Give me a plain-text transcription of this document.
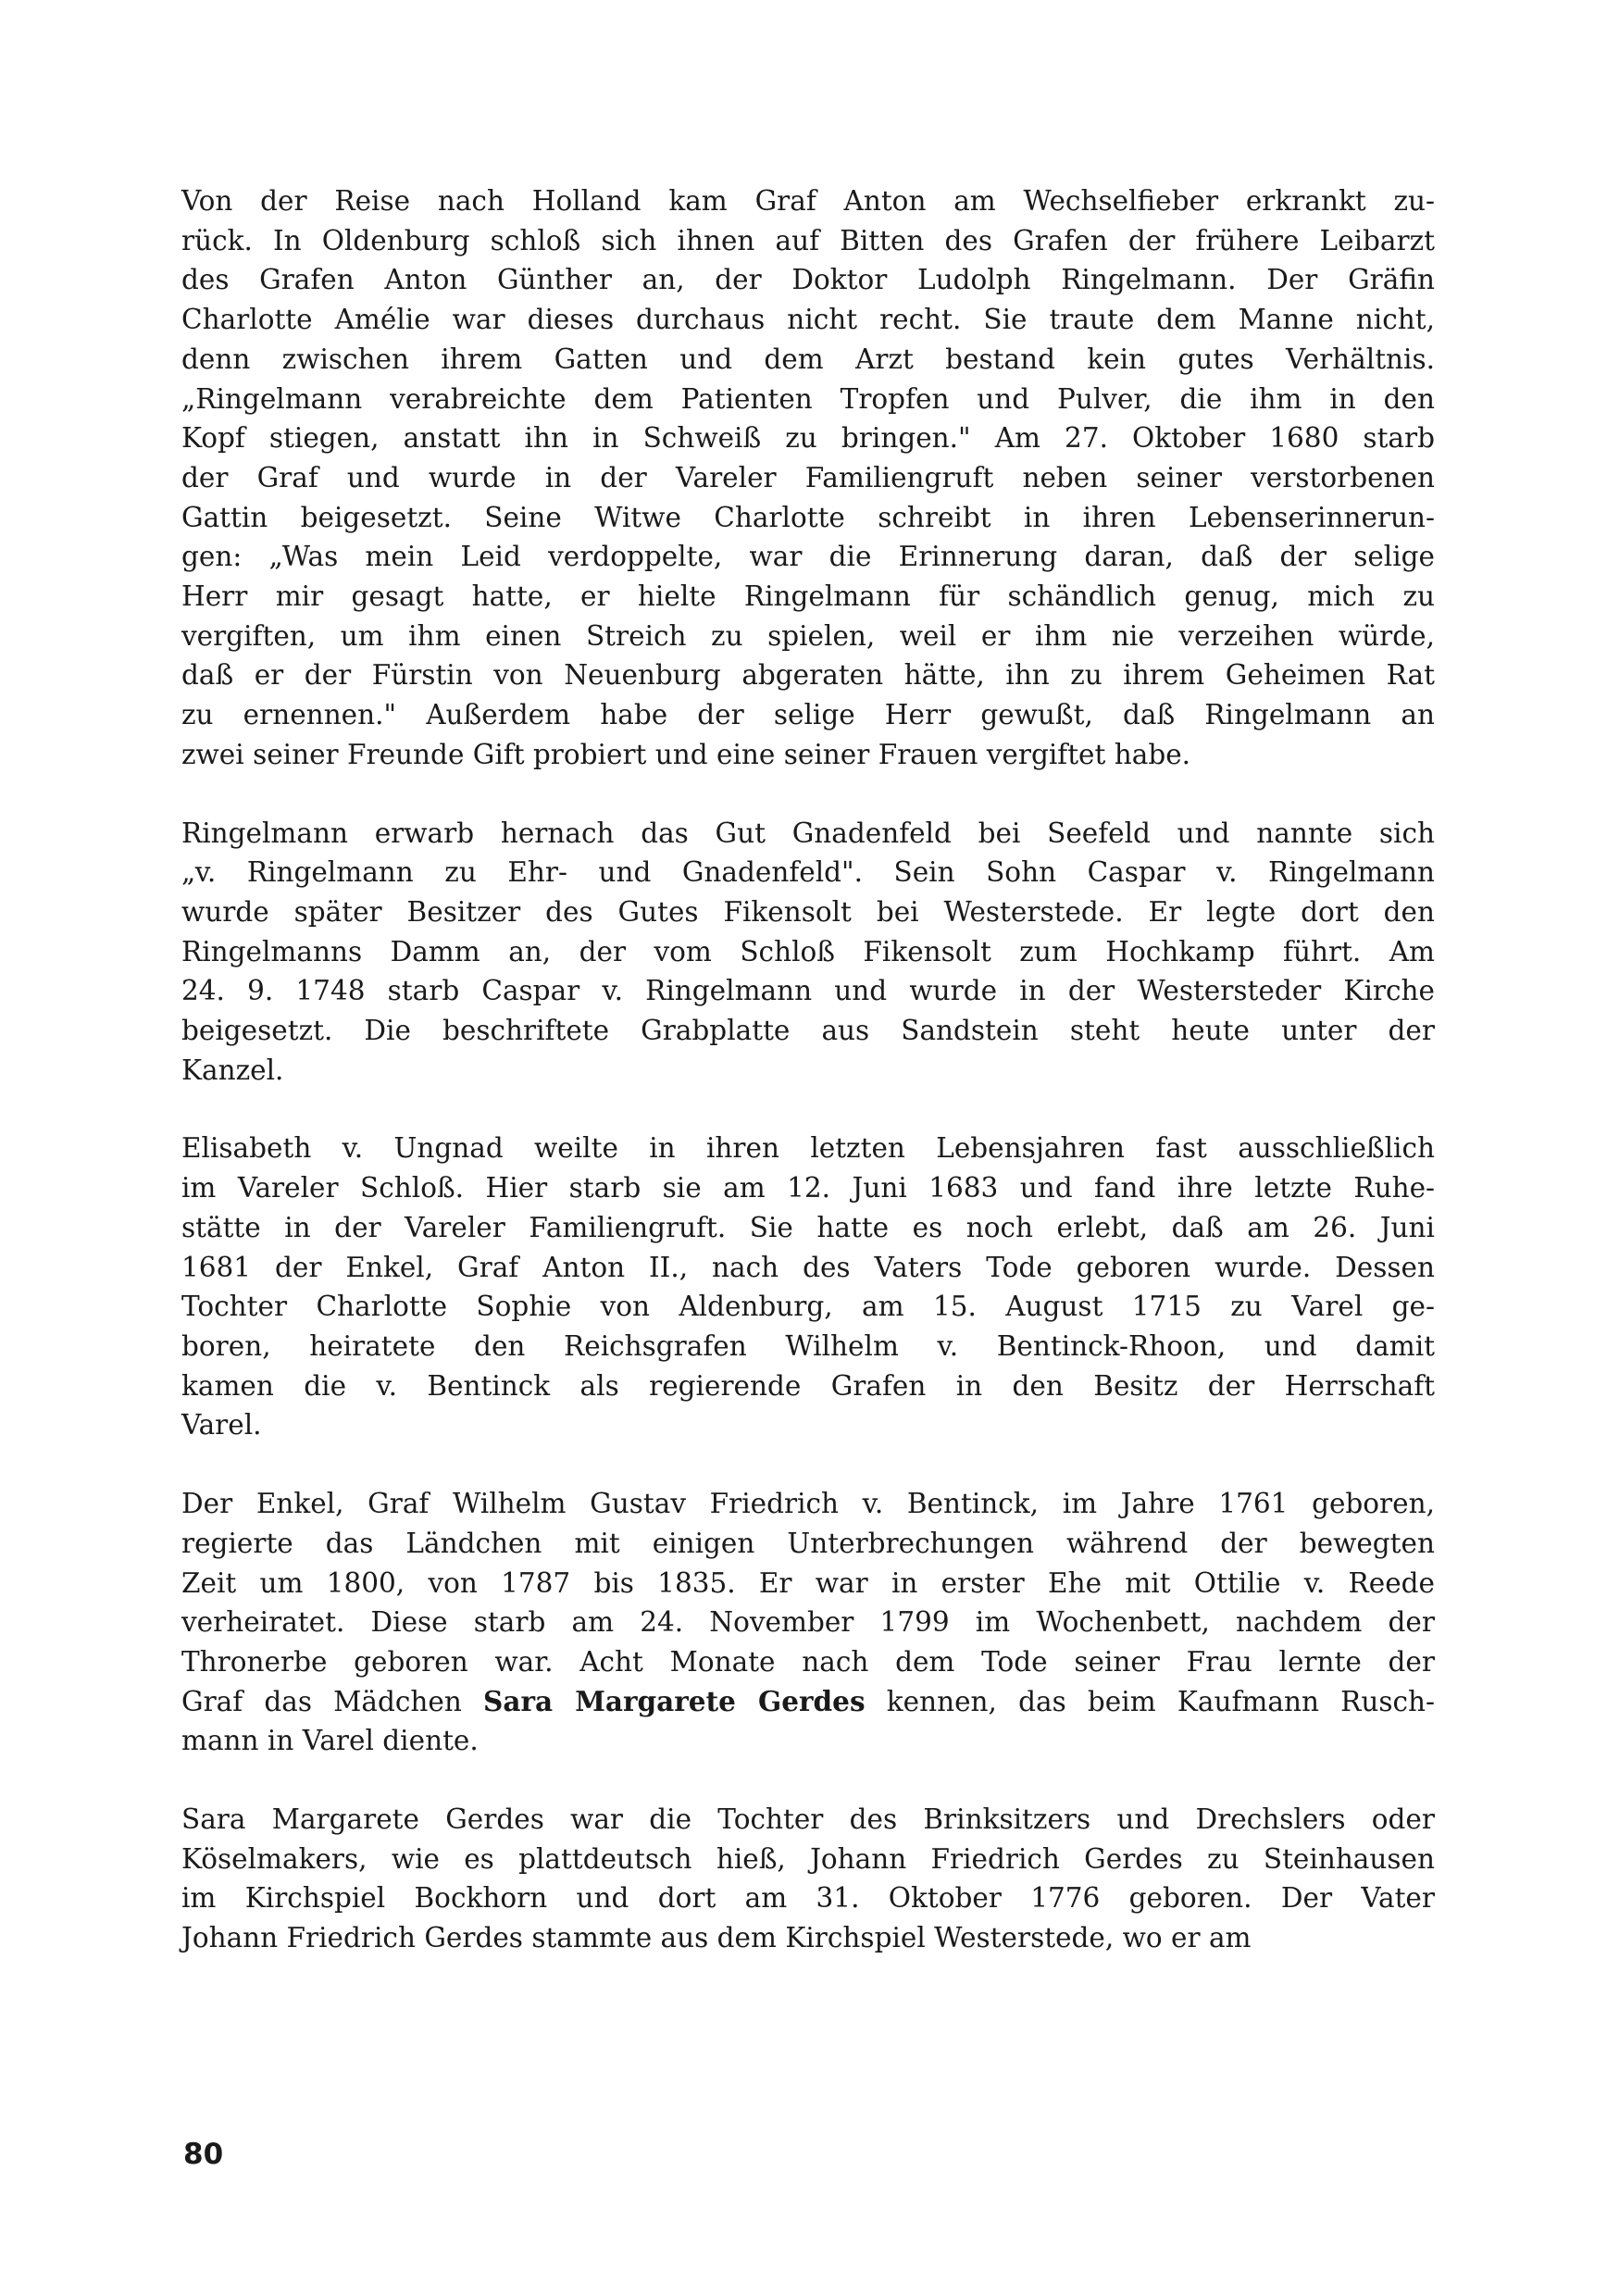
Von der Reise nach Holland kam Graf Anton am Wechselfieber erkrankt zu-
rück. In Oldenburg schloß sich ihnen auf Bitten des Grafen der frühere Leibarzt
des Grafen Anton Günther an, der Doktor Ludolph Ringelmann. Der Gräfin
Charlotte Amélie war dieses durchaus nicht recht. Sie traute dem Manne nicht,
denn zwischen ihrem Gatten und dem Arzt bestand kein gutes Verhältnis.
„Ringelmann verabreichte dem Patienten Tropfen und Pulver, die ihm in den
Kopf stiegen, anstatt ihn in Schweiß zu bringen." Am 27. Oktober 1680 starb
der Graf und wurde in der Vareler Familiengruft neben seiner verstorbenen
Gattin beigesetzt. Seine Witwe Charlotte schreibt in ihren Lebenserinnerun-
gen: „Was mein Leid verdoppelte, war die Erinnerung daran, daß der selige
Herr mir gesagt hatte, er hielte Ringelmann für schändlich genug, mich zu
vergiften, um ihm einen Streich zu spielen, weil er ihm nie verzeihen würde,
daß er der Fürstin von Neuenburg abgeraten hätte, ihn zu ihrem Geheimen Rat
zu ernennen." Außerdem habe der selige Herr gewußt, daß Ringelmann an
zwei seiner Freunde Gift probiert und eine seiner Frauen vergiftet habe.
Ringelmann erwarb hernach das Gut Gnadenfeld bei Seefeld und nannte sich
„v. Ringelmann zu Ehr- und Gnadenfeld". Sein Sohn Caspar v. Ringelmann
wurde später Besitzer des Gutes Fikensolt bei Westerstede. Er legte dort den
Ringelmanns Damm an, der vom Schloß Fikensolt zum Hochkamp führt. Am
24. 9. 1748 starb Caspar v. Ringelmann und wurde in der Westersteder Kirche
beigesetzt. Die beschriftete Grabplatte aus Sandstein steht heute unter der
Kanzel.
Elisabeth v. Ungnad weilte in ihren letzten Lebensjahren fast ausschließlich
im Vareler Schloß. Hier starb sie am 12. Juni 1683 und fand ihre letzte Ruhe-
stätte in der Vareler Familiengruft. Sie hatte es noch erlebt, daß am 26. Juni
1681 der Enkel, Graf Anton II., nach des Vaters Tode geboren wurde. Dessen
Tochter Charlotte Sophie von Aldenburg, am 15. August 1715 zu Varel ge-
boren, heiratete den Reichsgrafen Wilhelm v. Bentinck-Rhoon, und damit
kamen die v. Bentinck als regierende Grafen in den Besitz der Herrschaft
Varel.
Der Enkel, Graf Wilhelm Gustav Friedrich v. Bentinck, im Jahre 1761 geboren,
regierte das Ländchen mit einigen Unterbrechungen während der bewegten
Zeit um 1800, von 1787 bis 1835. Er war in erster Ehe mit Ottilie v. Reede
verheiratet. Diese starb am 24. November 1799 im Wochenbett, nachdem der
Thronerbe geboren war. Acht Monate nach dem Tode seiner Frau lernte der
Graf das Mädchen Sara Margarete Gerdes kennen, das beim Kaufmann Rusch-
mann in Varel diente.
Sara Margarete Gerdes war die Tochter des Brinksitzers und Drechslers oder
Köselmakers, wie es plattdeutsch hieß, Johann Friedrich Gerdes zu Steinhausen
im Kirchspiel Bockhorn und dort am 31. Oktober 1776 geboren. Der Vater
Johann Friedrich Gerdes stammte aus dem Kirchspiel Westerstede, wo er am
80
